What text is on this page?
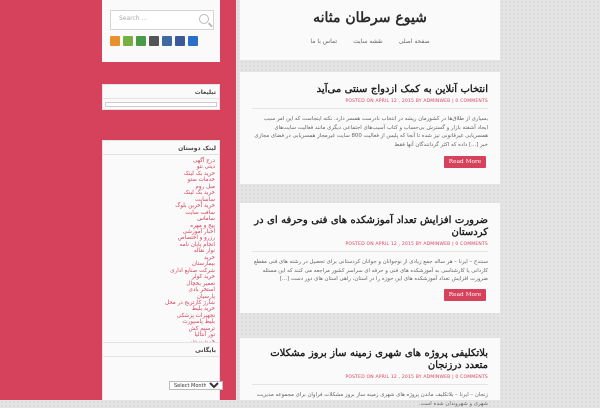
Search ...
تبلیغات
لینک دوستان
درج آگهی
دیتی نتو
خرید بک لینک
خدمات ستو
مبل روم
خرید بک لینک
ساسایت
خرید آخرین بلوگ
سافت سایت
ساماس
پیج و مهره
اخبار آموزشی
رزرو و اختصاص
انجام پایان نامه
نوار نقاله
خرید
بیمارستان
شرکت صنایع اداری
خرید کولر
تعمیر یخچال
استخر بادی
پارسیان
شارژ کارتریج در محل
خرید بلیط
تجهیزات پزشکی
بلیط پاسپورت
ترسیم کش
تور آنتالیا
بایگانی
Select Month
شیوع سرطان مثانه
صفحه اصلی
نقشه سایت
تماس با ما
انتخاب آنلاین به کمک ازدواج سنتی می‌آید
POSTED ON APRIL 12 , 2015 BY ADMINWEB | 0 COMMENTS
بسیاری از طلاق‌ها در کشورمان ریشه در انتخاب نادرست همسر دارد. نکته اینجاست که این امر سبب ایجاد آشفته بازار و گسترش بی‌حساب و کتاب آسیب‌های اجتماعی دیگری مانند فعالیت سایت‌های همسریابی غیرقانونی نیز شده تا آنجا که پلیس از فعالیت 800 سایت غیرمجاز همسریابی در فضای مجازی خبر [...] داده که اکثر گردانندگان آنها فقط
Read More
ضرورت افزایش تعداد آموزشکده های فنی وحرفه ای در کردستان
POSTED ON APRIL 12 , 2015 BY ADMINWEB | 0 COMMENTS
سنندج – ایرنا – هر ساله جمع زیادی از نوجوانان و جوانان کردستانی برای تحصیل در رشته های فنی مقطع کاردانی یا کارشناسی به آموزشکده های فنی و حرفه ای سراسر کشور مراجعه می کنند که این مسئله ضرورت افزایش تعداد آموزشکده های این حوزه را در استان، راهی استان های دور دست [...]
Read More
بلاتکلیفی پروژه های شهری زمینه ساز بروز مشکلات متعدد درزنجان
POSTED ON APRIL 12 , 2015 BY ADMINWEB | 0 COMMENTS
زنجان – ایرنا – بلاتکلیف ماندن پروژه های شهری زمینه ساز بروز مشکلات فراوان برای مجموعه مدیریت شهری و شهروندان شده است.
